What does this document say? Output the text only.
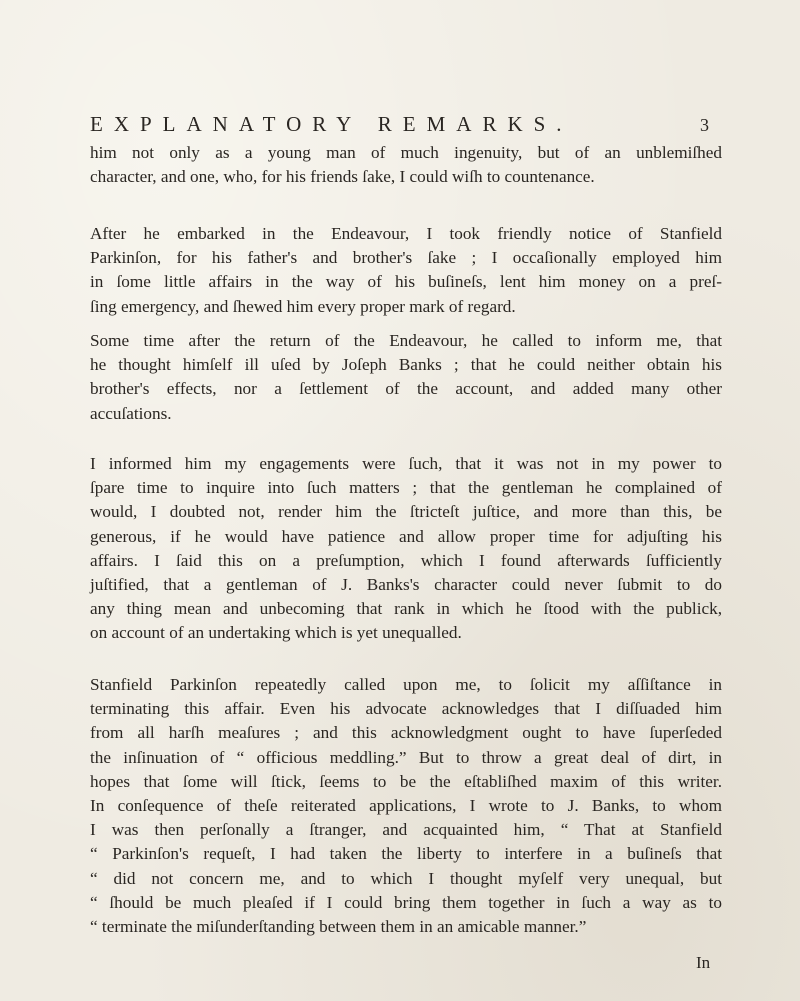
EXPLANATORY REMARKS.	3
him not only as a young man of much ingenuity, but of an unblemiſhed
character, and one, who, for his friends ſake, I could wiſh to countenance.
After he embarked in the Endeavour, I took friendly notice of Stanfield
Parkinſon, for his father's and brother's ſake ; I occaſionally employed him
in ſome little affairs in the way of his buſineſs, lent him money on a preſ-
ſing emergency, and ſhewed him every proper mark of regard.
Some time after the return of the Endeavour, he called to inform me, that
he thought himſelf ill uſed by Joſeph Banks ; that he could neither obtain his
brother's effects, nor a ſettlement of the account, and added many other
accuſations.
I informed him my engagements were ſuch, that it was not in my power to
ſpare time to inquire into ſuch matters ; that the gentleman he complained of
would, I doubted not, render him the ſtricteſt juſtice, and more than this, be
generous, if he would have patience and allow proper time for adjuſting his
affairs. I ſaid this on a preſumption, which I found afterwards ſufficiently
juſtified, that a gentleman of J. Banks's character could never ſubmit to do
any thing mean and unbecoming that rank in which he ſtood with the publick,
on account of an undertaking which is yet unequalled.
Stanfield Parkinſon repeatedly called upon me, to ſolicit my aſſiſtance in
terminating this affair. Even his advocate acknowledges that I diſſuaded him
from all harſh meaſures ; and this acknowledgment ought to have ſuperſeded
the inſinuation of “ officious meddling.” But to throw a great deal of dirt, in
hopes that ſome will ſtick, ſeems to be the eſtabliſhed maxim of this writer.
In conſequence of theſe reiterated applications, I wrote to J. Banks, to whom
I was then perſonally a ſtranger, and acquainted him, “ That at Stanfield
“ Parkinſon's requeſt, I had taken the liberty to interfere in a buſineſs that
“ did not concern me, and to which I thought myſelf very unequal, but
“ ſhould be much pleaſed if I could bring them together in ſuch a way as to
“ terminate the miſunderſtanding between them in an amicable manner.”
In
